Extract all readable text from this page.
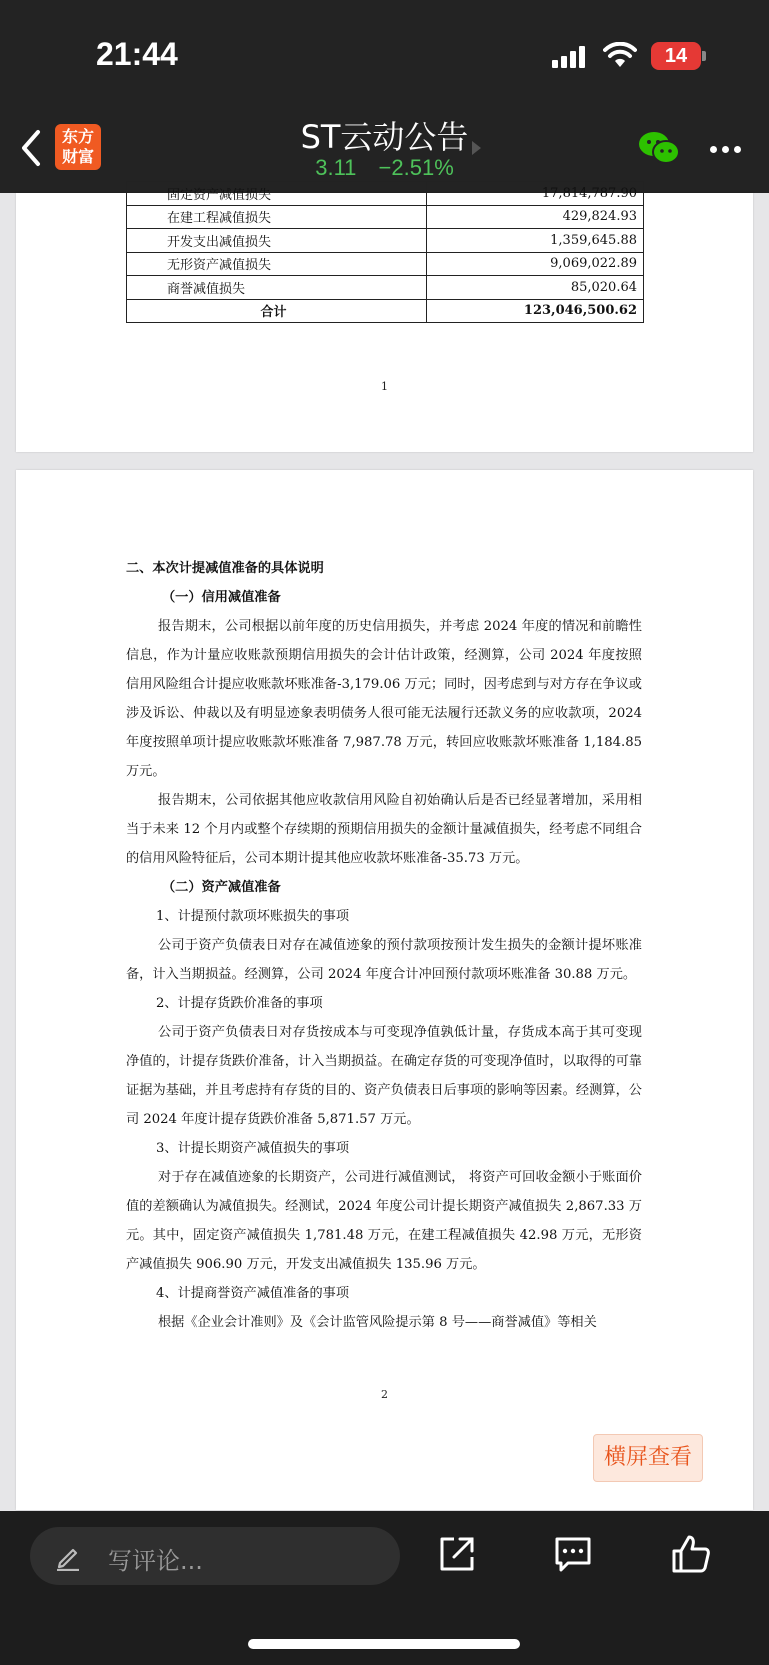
21:44	14
东方
财富
ST云动公告
3.11 −2.51%
固定资产减值损失	17,814,787.90
在建工程减值损失	429,824.93
开发支出减值损失	1,359,645.88
无形资产减值损失	9,069,022.89
商誉减值损失	85,020.64
合计	123,046,500.62
1

二、本次计提减值准备的具体说明

（一）信用减值准备

报告期末，公司根据以前年度的历史信用损失，并考虑 2024 年度的情况和前瞻性信息，作为计量应收账款预期信用损失的会计估计政策，经测算，公司 2024 年度按照信用风险组合计提应收账款坏账准备-3,179.06 万元；同时，因考虑到与对方存在争议或涉及诉讼、仲裁以及有明显迹象表明债务人很可能无法履行还款义务的应收款项，2024 年度按照单项计提应收账款坏账准备 7,987.78 万元，转回应收账款坏账准备 1,184.85 万元。

报告期末，公司依据其他应收款信用风险自初始确认后是否已经显著增加，采用相当于未来 12 个月内或整个存续期的预期信用损失的金额计量减值损失，经考虑不同组合的信用风险特征后，公司本期计提其他应收款坏账准备-35.73 万元。

（二）资产减值准备

1、计提预付款项坏账损失的事项

公司于资产负债表日对存在减值迹象的预付款项按预计发生损失的金额计提坏账准备，计入当期损益。经测算，公司 2024 年度合计冲回预付款项坏账准备 30.88 万元。

2、计提存货跌价准备的事项

公司于资产负债表日对存货按成本与可变现净值孰低计量，存货成本高于其可变现净值的，计提存货跌价准备，计入当期损益。在确定存货的可变现净值时，以取得的可靠证据为基础，并且考虑持有存货的目的、资产负债表日后事项的影响等因素。经测算，公司 2024 年度计提存货跌价准备 5,871.57 万元。

3、计提长期资产减值损失的事项

对于存在减值迹象的长期资产，公司进行减值测试， 将资产可回收金额小于账面价值的差额确认为减值损失。经测试，2024 年度公司计提长期资产减值损失 2,867.33 万元。其中，固定资产减值损失 1,781.48 万元，在建工程减值损失 42.98 万元，无形资产减值损失 906.90 万元，开发支出减值损失 135.96 万元。

4、计提商誉资产减值准备的事项

根据《企业会计准则》及《会计监管风险提示第 8 号——商誉减值》等相关

2
横屏查看
写评论...
